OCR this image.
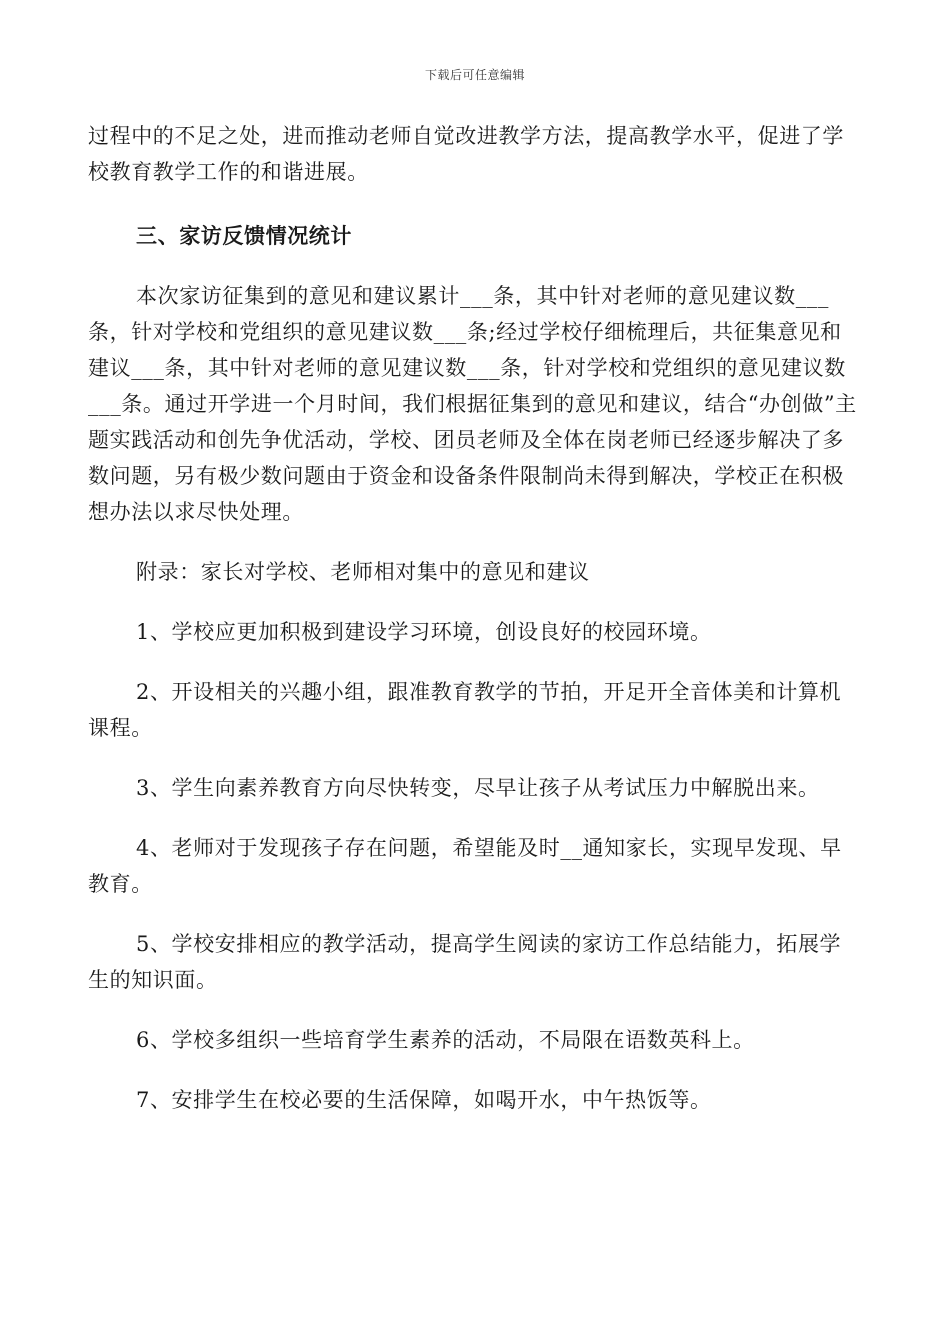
下载后可任意编辑

过程中的不足之处，进而推动老师自觉改进教学方法，提高教学水平，促进了学校教育教学工作的和谐进展。

三、家访反馈情况统计

本次家访征集到的意见和建议累计___条，其中针对老师的意见建议数___条，针对学校和党组织的意见建议数___条;经过学校仔细梳理后，共征集意见和建议___条，其中针对老师的意见建议数___条，针对学校和党组织的意见建议数___条。通过开学进一个月时间，我们根据征集到的意见和建议，结合“办创做”主题实践活动和创先争优活动，学校、团员老师及全体在岗老师已经逐步解决了多数问题，另有极少数问题由于资金和设备条件限制尚未得到解决，学校正在积极想办法以求尽快处理。

附录：家长对学校、老师相对集中的意见和建议

1、学校应更加积极到建设学习环境，创设良好的校园环境。

2、开设相关的兴趣小组，跟准教育教学的节拍，开足开全音体美和计算机课程。

3、学生向素养教育方向尽快转变，尽早让孩子从考试压力中解脱出来。

4、老师对于发现孩子存在问题，希望能及时__通知家长，实现早发现、早教育。

5、学校安排相应的教学活动，提高学生阅读的家访工作总结能力，拓展学生的知识面。

6、学校多组织一些培育学生素养的活动，不局限在语数英科上。

7、安排学生在校必要的生活保障，如喝开水，中午热饭等。
